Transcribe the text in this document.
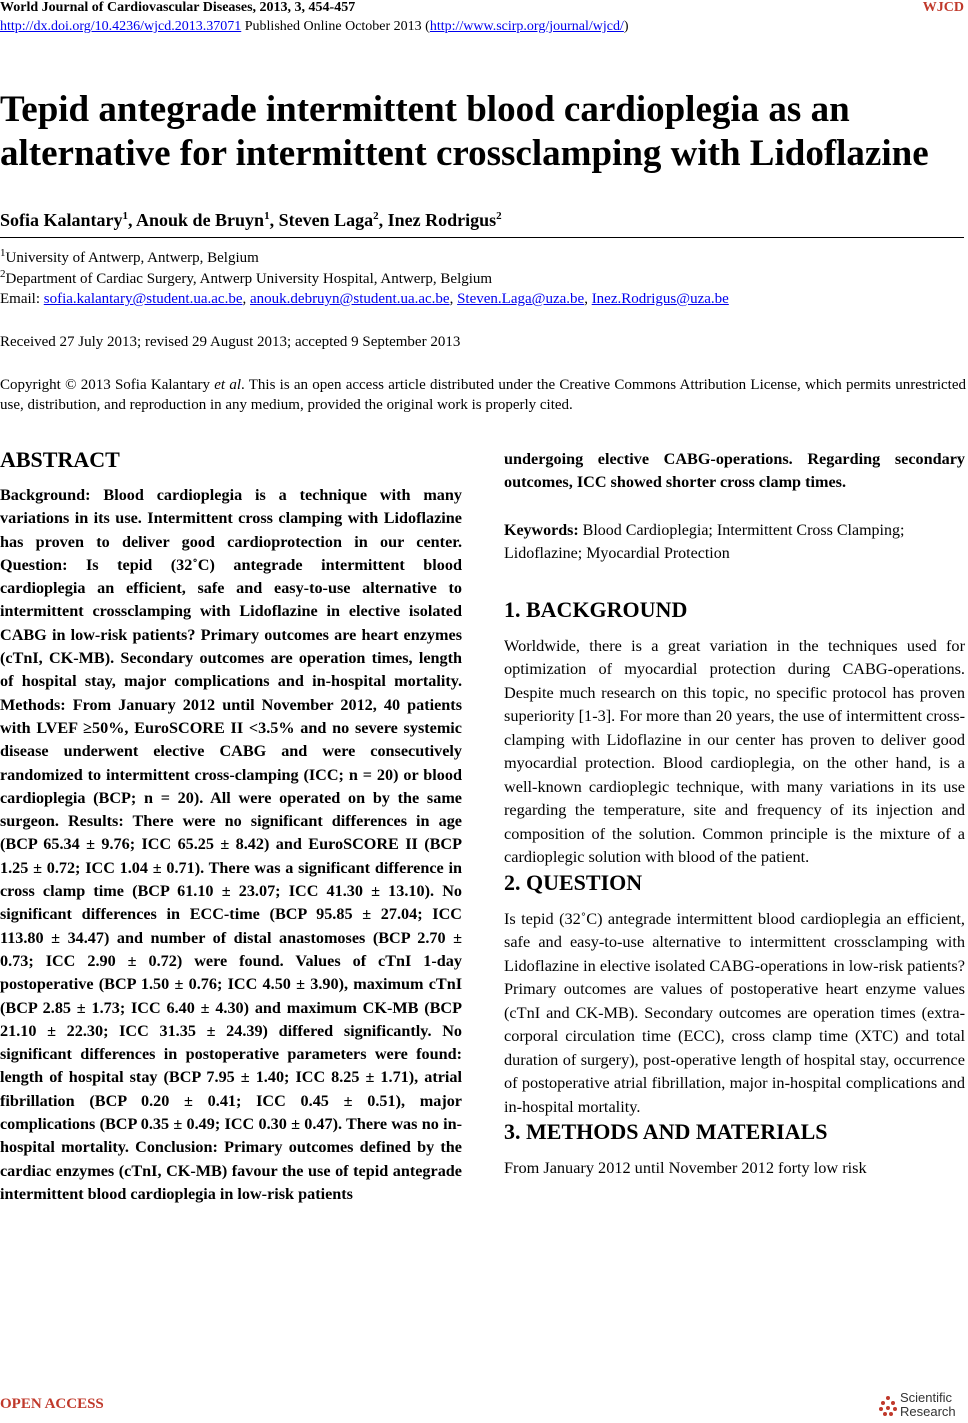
World Journal of Cardiovascular Diseases, 2013, 3, 454-457	WJCD
http://dx.doi.org/10.4236/wjcd.2013.37071 Published Online October 2013 (http://www.scirp.org/journal/wjcd/)
Tepid antegrade intermittent blood cardioplegia as an
alternative for intermittent crossclamping with Lidoflazine
Sofia Kalantary$^1$, Anouk de Bruyn$^1$, Steven Laga$^2$, Inez Rodrigus$^2$
$^1$University of Antwerp, Antwerp, Belgium
$^2$Department of Cardiac Surgery, Antwerp University Hospital, Antwerp, Belgium
Email: sofia.kalantary@student.ua.ac.be, anouk.debruyn@student.ua.ac.be, Steven.Laga@uza.be, Inez.Rodrigus@uza.be
Received 27 July 2013; revised 29 August 2013; accepted 9 September 2013
Copyright © 2013 Sofia Kalantary et al. This is an open access article distributed under the Creative Commons Attribution License, which permits unrestricted use, distribution, and reproduction in any medium, provided the original work is properly cited.
ABSTRACT

Background: Blood cardioplegia is a technique with many variations in its use. Intermittent cross clamping with Lidoflazine has proven to deliver good cardioprotection in our center. Question: Is tepid (32˚C) antegrade intermittent blood cardioplegia an efficient, safe and easy-to-use alternative to intermittent crossclamping with Lidoflazine in elective isolated CABG in low-risk patients? Primary outcomes are heart enzymes (cTnI, CK-MB). Secondary outcomes are operation times, length of hospital stay, major complications and in-hospital mortality. Methods: From January 2012 until November 2012, 40 patients with LVEF ≥50%, EuroSCORE II <3.5% and no severe systemic disease underwent elective CABG and were consecutively randomized to intermittent cross-clamping (ICC; n = 20) or blood cardioplegia (BCP; n = 20). All were operated on by the same surgeon. Results: There were no significant differences in age (BCP 65.34 ± 9.76; ICC 65.25 ± 8.42) and EuroSCORE II (BCP 1.25 ± 0.72; ICC 1.04 ± 0.71). There was a significant difference in cross clamp time (BCP 61.10 ± 23.07; ICC 41.30 ± 13.10). No significant differences in ECC-time (BCP 95.85 ± 27.04; ICC 113.80 ± 34.47) and number of distal anastomoses (BCP 2.70 ± 0.73; ICC 2.90 ± 0.72) were found. Values of cTnI 1-day postoperative (BCP 1.50 ± 0.76; ICC 4.50 ± 3.90), maximum cTnI (BCP 2.85 ± 1.73; ICC 6.40 ± 4.30) and maximum CK-MB (BCP 21.10 ± 22.30; ICC 31.35 ± 24.39) differed significantly. No significant differences in postoperative parameters were found: length of hospital stay (BCP 7.95 ± 1.40; ICC 8.25 ± 1.71), atrial fibrillation (BCP 0.20 ± 0.41; ICC 0.45 ± 0.51), major complications (BCP 0.35 ± 0.49; ICC 0.30 ± 0.47). There was no in-hospital mortality. Conclusion: Primary outcomes defined by the cardiac enzymes (cTnI, CK-MB) favour the use of tepid antegrade intermittent blood cardioplegia in low-risk patients

undergoing elective CABG-operations. Regarding secondary outcomes, ICC showed shorter cross clamp times.

Keywords: Blood Cardioplegia; Intermittent Cross Clamping; Lidoflazine; Myocardial Protection

1. BACKGROUND

Worldwide, there is a great variation in the techniques used for optimization of myocardial protection during CABG-operations. Despite much research on this topic, no specific protocol has proven superiority [1-3]. For more than 20 years, the use of intermittent cross-clamping with Lidoflazine in our center has proven to deliver good myocardial protection. Blood cardioplegia, on the other hand, is a well-known cardioplegic technique, with many variations in its use regarding the temperature, site and frequency of its injection and composition of the solution. Common principle is the mixture of a cardioplegic solution with blood of the patient.

2. QUESTION

Is tepid (32˚C) antegrade intermittent blood cardioplegia an efficient, safe and easy-to-use alternative to intermittent crossclamping with Lidoflazine in elective isolated CABG-operations in low-risk patients? Primary outcomes are values of postoperative heart enzyme values (cTnI and CK-MB). Secondary outcomes are operation times (extra-corporal circulation time (ECC), cross clamp time (XTC) and total duration of surgery), post-operative length of hospital stay, occurrence of postoperative atrial fibrillation, major in-hospital complications and in-hospital mortality.

3. METHODS AND MATERIALS

From January 2012 until November 2012 forty low risk

OPEN ACCESS	Scientific
Research
